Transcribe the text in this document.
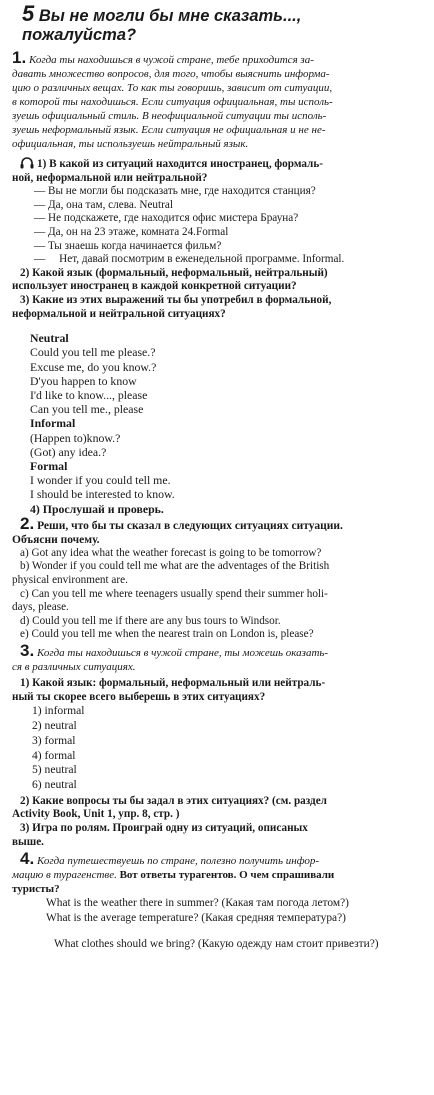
5 Вы не могли бы мне сказать...,
пожалуйста?
1. Когда ты находишься в чужой стране, тебе приходится за-
давать множество вопросов, для того, чтобы выяснить информа-
цию о различных вещах. То как ты говоришь, зависит от ситуации,
в которой ты находишься. Если ситуация официальная, ты исполь-
зуешь официальный стиль. В неофициальной ситуации ты исполь-
зуешь неформальный язык. Если ситуация не официальная и не не-
официальная, ты используешь нейтральный язык.
1) В какой из ситуаций находится иностранец, формаль-
ной, неформальной или нейтральной?
— Вы не могли бы подсказать мне, где находится станция?
— Да, она там, слева. Neutral
— Не подскажете, где находится офис мистера Брауна?
— Да, он на 23 этаже, комната 24.Formal
— Ты знаешь когда начинается фильм?
—     Нет, давай посмотрим в еженедельной программе. Informal.
2) Какой язык (формальный, неформальный, нейтральный)
использует иностранец в каждой конкретной ситуации?
3) Какие из этих выражений ты бы употребил в формальной,
неформальной и нейтральной ситуациях?
Neutral
Could you tell me please.?
Excuse me, do you know.?
D'you happen to know
I'd like to know..., please
Can you tell me., please
Informal
(Happen to)know.?
(Got) any idea.?
Formal
I wonder if you could tell me.
I should be interested to know.
4) Прослушай и проверь.
2. Реши, что бы ты сказал в следующих ситуациях ситуации.
Объясни почему.
a) Got any idea what the weather forecast is going to be tomorrow?
b) Wonder if you could tell me what are the adventages of the British
physical environment are.
c) Can you tell me where teenagers usually spend their summer holi-
days, please.
d) Could you tell me if there are any bus tours to Windsor.
e) Could you tell me when the nearest train on London is, please?
3. Когда ты находишься в чужой стране, ты можешь оказать-
ся в различных ситуациях.
1) Какой язык: формальный, неформальный или нейтраль-
ный ты скорее всего выберешь в этих ситуациях?
1) informal
2) neutral
3) formal
4) formal
5) neutral
6) neutral
2) Какие вопросы ты бы задал в этих ситуациях? (см. раздел
Activity Book, Unit 1, упр. 8, стр. )
3) Игра по ролям. Проиграй одну из ситуаций, описаных
выше.
4. Когда путешествуешь по стране, полезно получить инфор-
мацию в турагенстве. Вот ответы турагентов. О чем спрашивали
туристы?
What is the weather there in summer? (Какая там погода летом?)
What is the average temperature? (Какая средняя температура?)
What clothes should we bring? (Какую одежду нам стоит привезти?)
